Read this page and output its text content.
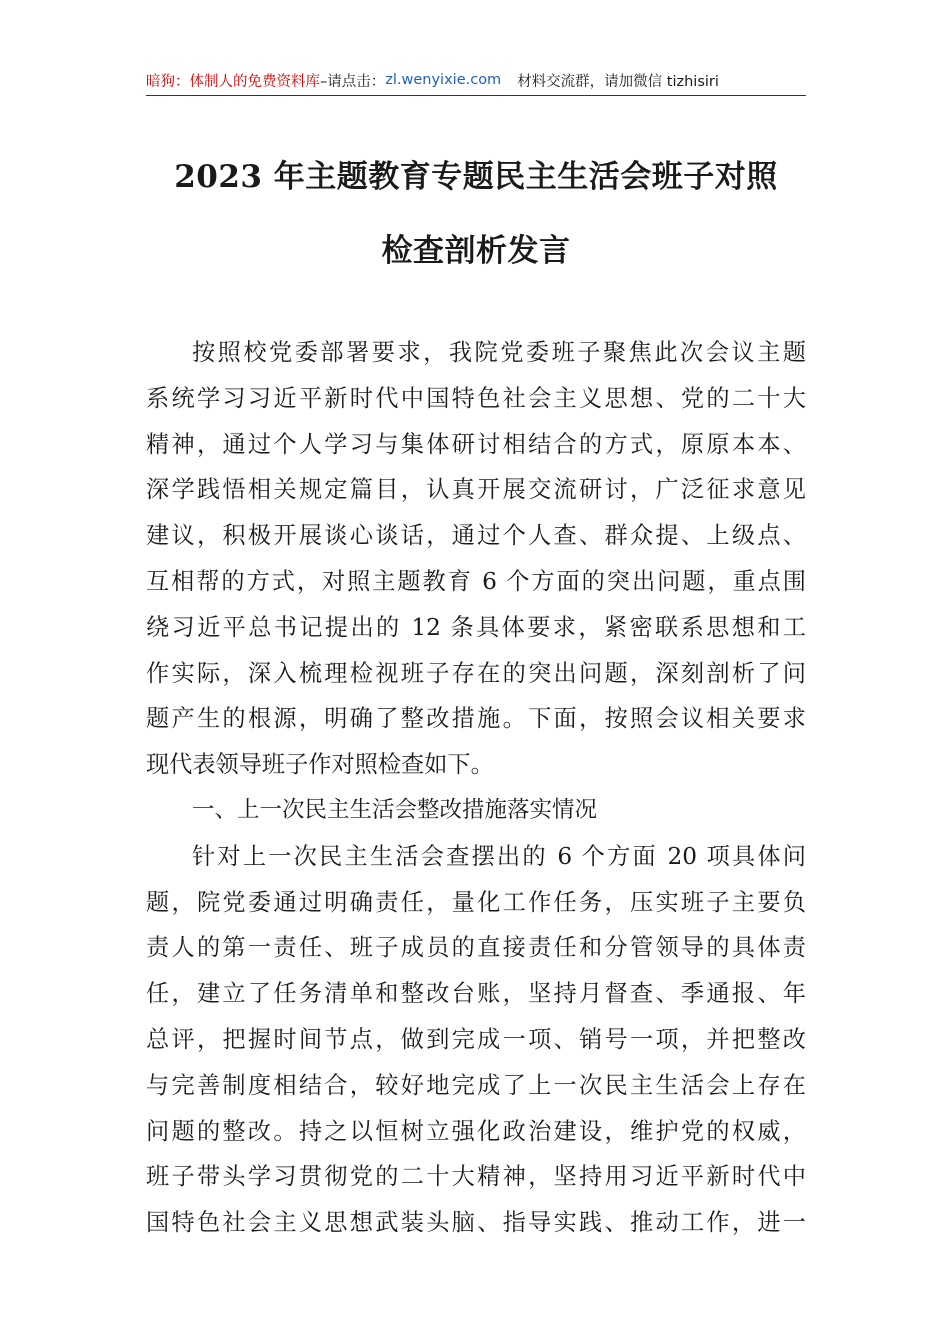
暗狗：体制人的免费资料库 –请点击： zl.wenyixie.com 材料交流群，请加微信 tizhisiri
2023 年主题教育专题民主生活会班子对照
检查剖析发言
按照校党委部署要求，我院党委班子聚焦此次会议主题
系统学习习近平新时代中国特色社会主义思想、党的二十大
精神，通过个人学习与集体研讨相结合的方式，原原本本、
深学践悟相关规定篇目，认真开展交流研讨，广泛征求意见
建议，积极开展谈心谈话，通过个人查、群众提、上级点、
互相帮的方式，对照主题教育 6 个方面的突出问题，重点围
绕习近平总书记提出的 12 条具体要求，紧密联系思想和工
作实际，深入梳理检视班子存在的突出问题，深刻剖析了问
题产生的根源，明确了整改措施。下面，按照会议相关要求
现代表领导班子作对照检查如下。
一、上一次民主生活会整改措施落实情况
针对上一次民主生活会查摆出的 6 个方面 20 项具体问
题，院党委通过明确责任，量化工作任务，压实班子主要负
责人的第一责任、班子成员的直接责任和分管领导的具体责
任，建立了任务清单和整改台账，坚持月督查、季通报、年
总评，把握时间节点，做到完成一项、销号一项，并把整改
与完善制度相结合，较好地完成了上一次民主生活会上存在
问题的整改。持之以恒树立强化政治建设，维护党的权威，
班子带头学习贯彻党的二十大精神，坚持用习近平新时代中
国特色社会主义思想武装头脑、指导实践、推动工作，进一
